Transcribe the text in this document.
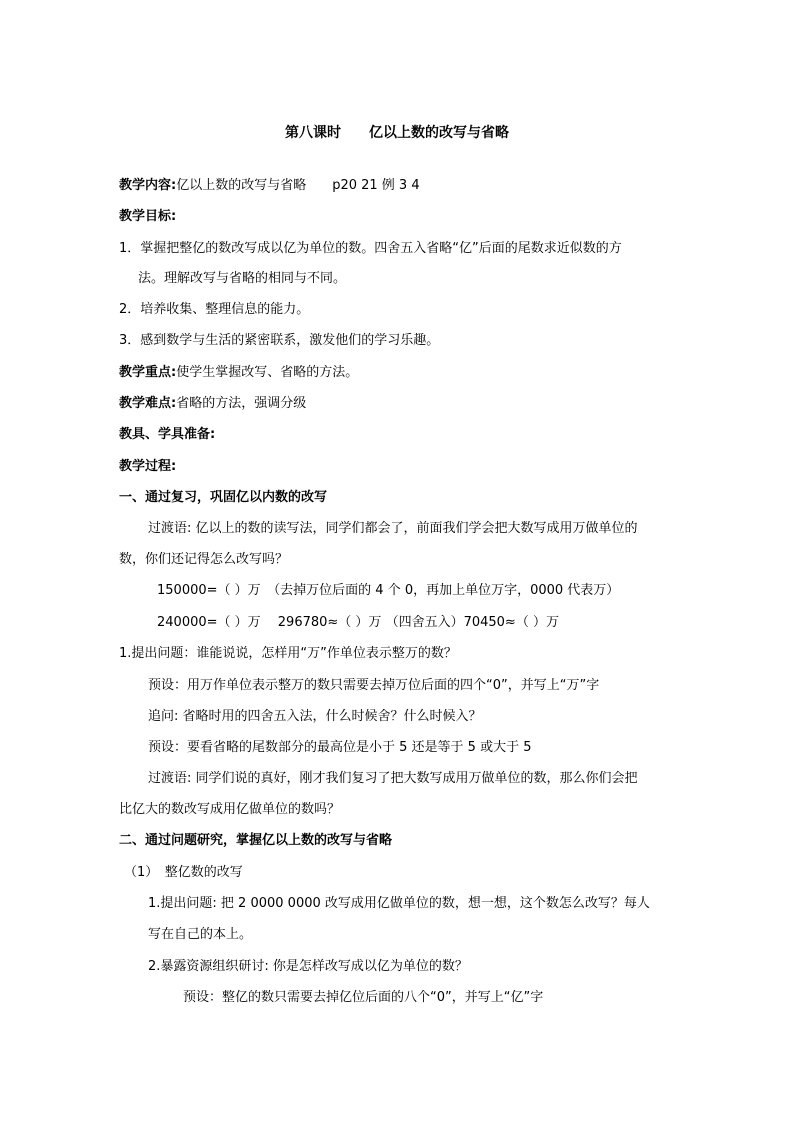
第八课时　　亿以上数的改写与省略
教学内容:亿以上数的改写与省略　　p20 21 例 3 4
教学目标:
1．掌握把整亿的数改写成以亿为单位的数。四舍五入省略“亿”后面的尾数求近似数的方
法。理解改写与省略的相同与不同。
2．培养收集、整理信息的能力。
3．感到数学与生活的紧密联系，激发他们的学习乐趣。
教学重点:使学生掌握改写、省略的方法。
教学难点:省略的方法，强调分级
教具、学具准备:
教学过程:
一、通过复习，巩固亿以内数的改写
过渡语: 亿以上的数的读写法，同学们都会了，前面我们学会把大数写成用万做单位的
数，你们还记得怎么改写吗？
150000=（ ）万　（去掉万位后面的 4 个 0，再加上单位万字，0000 代表万）
240000=（ ）万　 296780≈（ ）万 （四舍五入）70450≈（ ）万
1.提出问题：谁能说说，怎样用“万”作单位表示整万的数？
预设：用万作单位表示整万的数只需要去掉万位后面的四个“0”，并写上“万”字
追问: 省略时用的四舍五入法，什么时候舍？什么时候入？
预设：要看省略的尾数部分的最高位是小于 5 还是等于 5 或大于 5
过渡语: 同学们说的真好，刚才我们复习了把大数写成用万做单位的数，那么你们会把
比亿大的数改写成用亿做单位的数吗？
二、通过问题研究，掌握亿以上数的改写与省略
（1）　整亿数的改写
1.提出问题: 把 2 0000 0000 改写成用亿做单位的数，想一想，这个数怎么改写？每人
写在自己的本上。
2.暴露资源组织研讨: 你是怎样改写成以亿为单位的数？
预设：整亿的数只需要去掉亿位后面的八个“0”，并写上“亿”字
